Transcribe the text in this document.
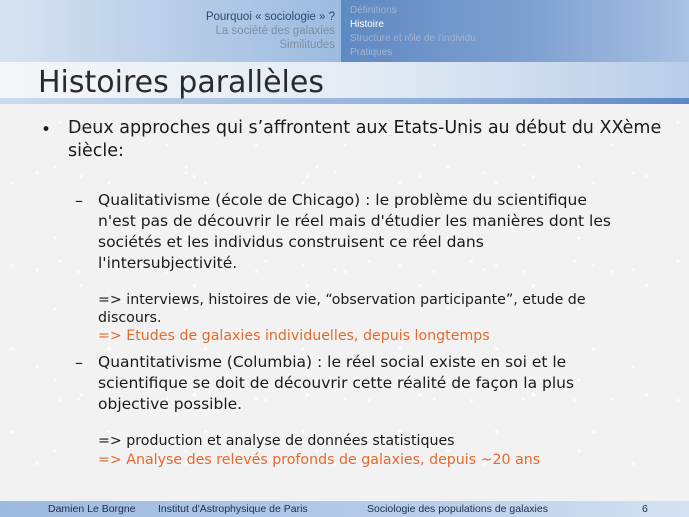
Pourquoi « sociologie » ?
La société des galaxies
Similitudes
Définitions
Histoire
Structure et rôle de l'individu
Pratiques
Histoires parallèles
• Deux approches qui s’affrontent aux Etats-Unis au début du XXème siècle:
– Qualitativisme (école de Chicago) : le problème du scientifique
n'est pas de découvrir le réel mais d'étudier les manières dont les
sociétés et les individus construisent ce réel dans
l'intersubjectivité.
=> interviews, histoires de vie, “observation participante”, etude de
discours.
=> Etudes de galaxies individuelles, depuis longtemps
– Quantitativisme (Columbia) : le réel social existe en soi et le
scientifique se doit de découvrir cette réalité de façon la plus
objective possible.
=> production et analyse de données statistiques
=> Analyse des relevés profonds de galaxies, depuis ~20 ans
Damien Le Borgne Institut d'Astrophysique de Paris	Sociologie des populations de galaxies	6
